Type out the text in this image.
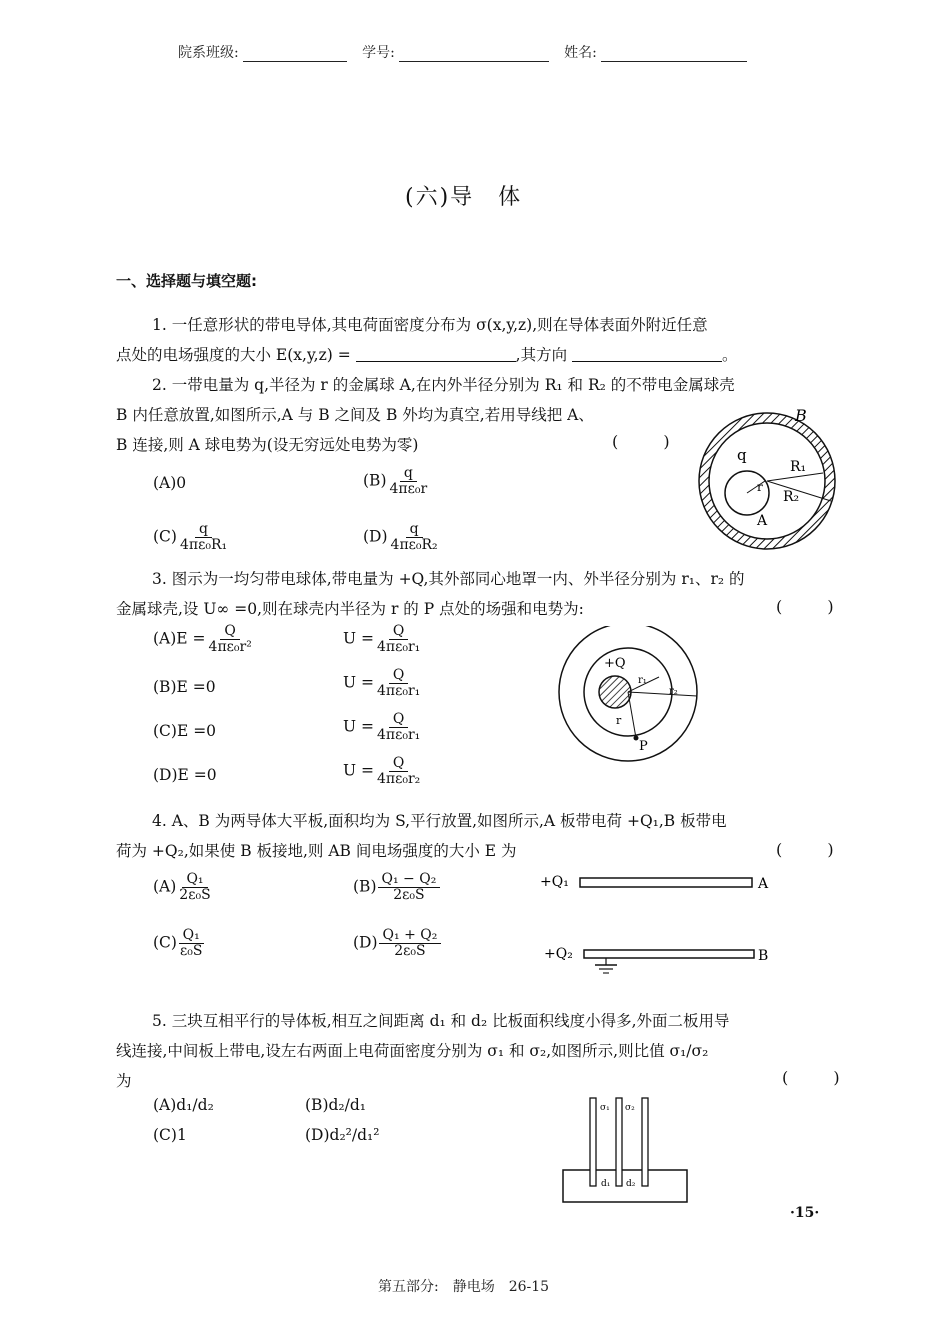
院系班级:	学号:	姓名:
(六)导　体
一、选择题与填空题:
1. 一任意形状的带电导体,其电荷面密度分布为 σ(x,y,z),则在导体表面外附近任意
点处的电场强度的大小 E(x,y,z) =	,其方向	。
2. 一带电量为 q,半径为 r 的金属球 A,在内外半径分别为 R₁ 和 R₂ 的不带电金属球壳
B 内任意放置,如图所示,A 与 B 之间及 B 外均为真空,若用导线把 A、
B 连接,则 A 球电势为(设无穷远处电势为零)	( )
(A)0	$(B) \frac{q}{\text{4πε₀r}}$
$(C) \frac{q}{\text{4πε₀R₁}}$	$(D) \frac{q}{\text{4πε₀R₂}}$
q
r
R₁
R₂
A
B
3. 图示为一均匀带电球体,带电量为 +Q,其外部同心地罩一内、外半径分别为 r₁、r₂ 的
金属球壳,设 U∞ =0,则在球壳内半径为 r 的 P 点处的场强和电势为:	( )
$(A)E = \frac{Q}{\text{4πε₀r²}}$	$U = \frac{Q}{\text{4πε₀r₁}}$
(B)E =0	$U = \frac{Q}{\text{4πε₀r₁}}$
(C)E =0	$U = \frac{Q}{\text{4πε₀r₁}}$
(D)E =0	$U = \frac{Q}{\text{4πε₀r₂}}$
+Q
r₁
r₂
r
P
4. A、B 为两导体大平板,面积均为 S,平行放置,如图所示,A 板带电荷 +Q₁,B 板带电
荷为 +Q₂,如果使 B 板接地,则 AB 间电场强度的大小 E 为	( )
$(A) \frac{\text{Q₁}}{\text{2ε₀S}}$	$(B) \frac{\text{Q₁ − Q₂}}{\text{2ε₀S}}$
$(C) \frac{\text{Q₁}}{\text{ε₀S}}$	$(D) \frac{\text{Q₁ + Q₂}}{\text{2ε₀S}}$
+Q₁	A
+Q₂	B
5. 三块互相平行的导体板,相互之间距离 d₁ 和 d₂ 比板面积线度小得多,外面二板用导
线连接,中间板上带电,设左右两面上电荷面密度分别为 σ₁ 和 σ₂,如图所示,则比值 σ₁/σ₂
为	( )
(A)d₁/d₂	(B)d₂/d₁
(C)1	(D)d₂²/d₁²
σ₁ σ₂
d₁ d₂
·15·
第五部分:　静电场　26-15
